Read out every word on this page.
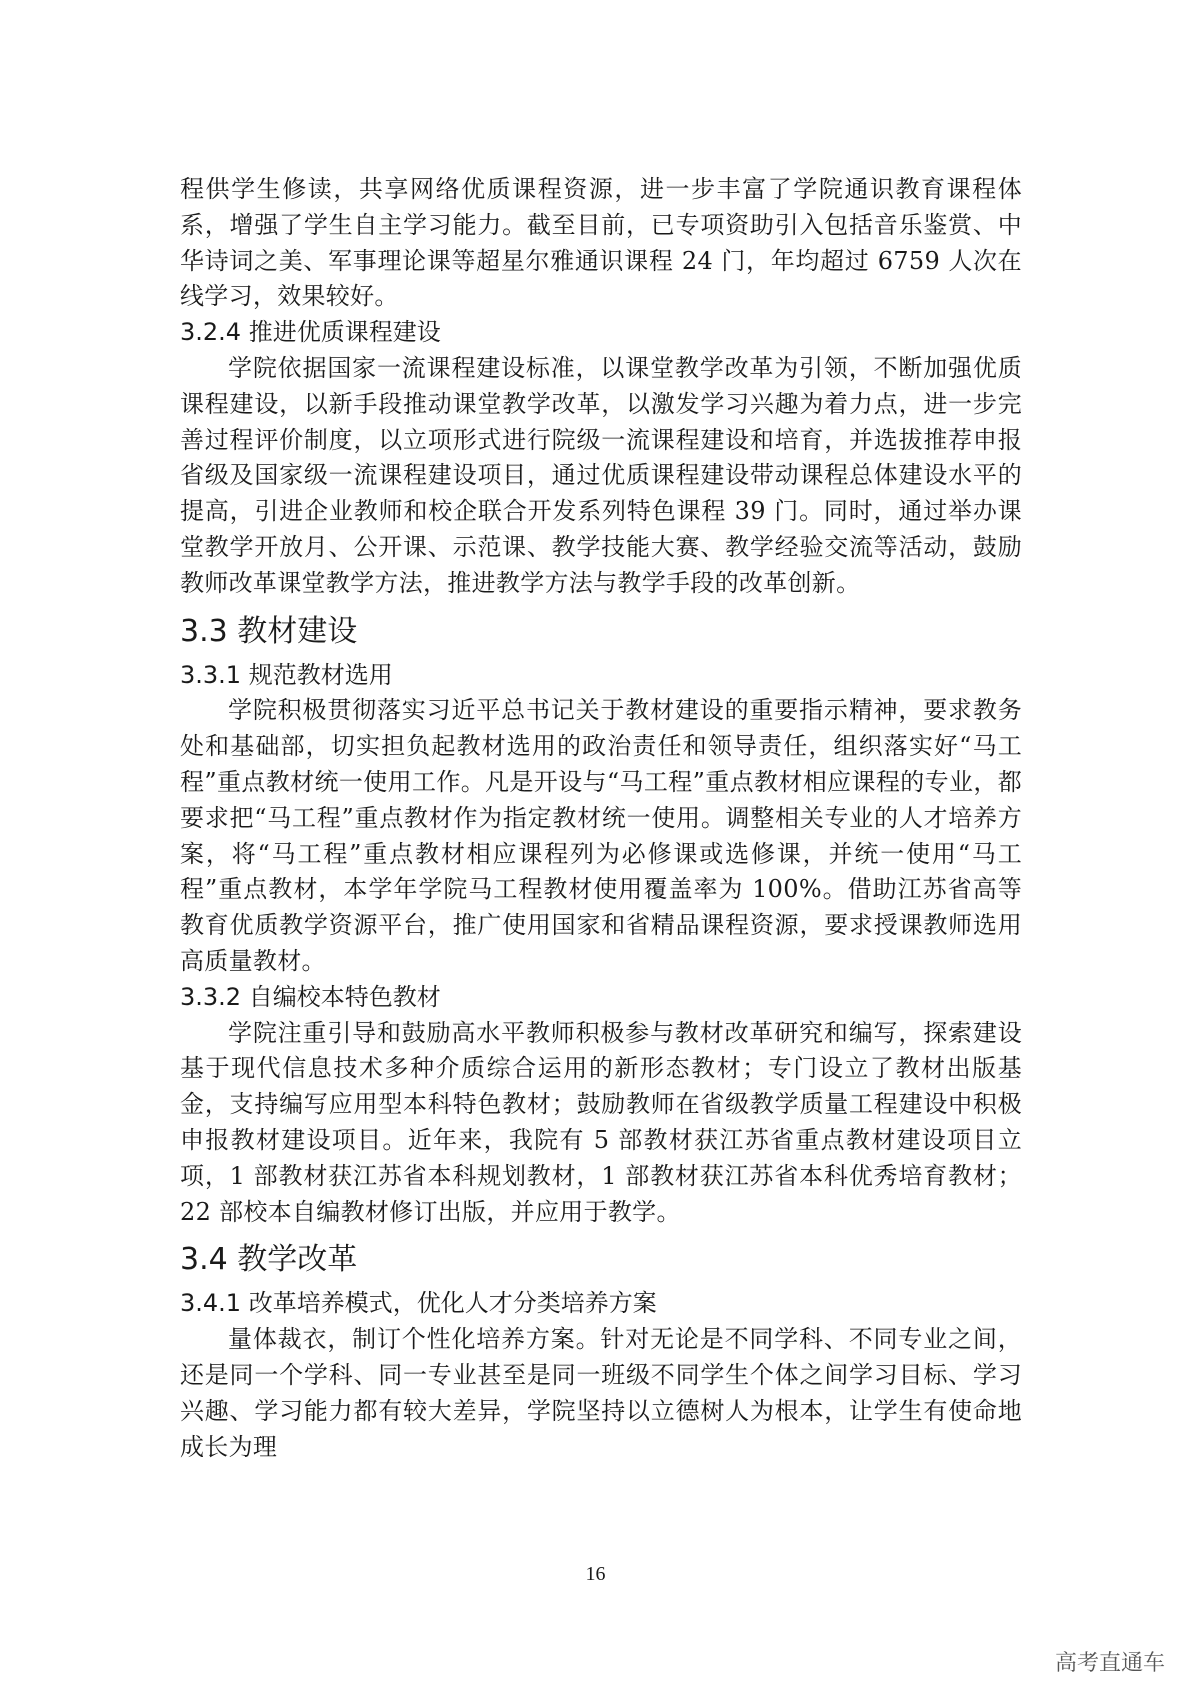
程供学生修读，共享网络优质课程资源，进一步丰富了学院通识教育课程体系，增强了学生自主学习能力。截至目前，已专项资助引入包括音乐鉴赏、中华诗词之美、军事理论课等超星尔雅通识课程 24 门，年均超过 6759 人次在线学习，效果较好。

3.2.4 推进优质课程建设

学院依据国家一流课程建设标准，以课堂教学改革为引领，不断加强优质课程建设，以新手段推动课堂教学改革，以激发学习兴趣为着力点，进一步完善过程评价制度，以立项形式进行院级一流课程建设和培育，并选拔推荐申报省级及国家级一流课程建设项目，通过优质课程建设带动课程总体建设水平的提高，引进企业教师和校企联合开发系列特色课程 39 门。同时，通过举办课堂教学开放月、公开课、示范课、教学技能大赛、教学经验交流等活动，鼓励教师改革课堂教学方法，推进教学方法与教学手段的改革创新。

3.3 教材建设
3.3.1 规范教材选用

学院积极贯彻落实习近平总书记关于教材建设的重要指示精神，要求教务处和基础部，切实担负起教材选用的政治责任和领导责任，组织落实好“马工程”重点教材统一使用工作。凡是开设与“马工程”重点教材相应课程的专业，都要求把“马工程”重点教材作为指定教材统一使用。调整相关专业的人才培养方案，将“马工程”重点教材相应课程列为必修课或选修课，并统一使用“马工程”重点教材，本学年学院马工程教材使用覆盖率为 100%。借助江苏省高等教育优质教学资源平台，推广使用国家和省精品课程资源，要求授课教师选用高质量教材。

3.3.2 自编校本特色教材

学院注重引导和鼓励高水平教师积极参与教材改革研究和编写，探索建设基于现代信息技术多种介质综合运用的新形态教材；专门设立了教材出版基金，支持编写应用型本科特色教材；鼓励教师在省级教学质量工程建设中积极申报教材建设项目。近年来，我院有 5 部教材获江苏省重点教材建设项目立项，1 部教材获江苏省本科规划教材，1 部教材获江苏省本科优秀培育教材；22 部校本自编教材修订出版，并应用于教学。

3.4 教学改革
3.4.1 改革培养模式，优化人才分类培养方案

量体裁衣，制订个性化培养方案。针对无论是不同学科、不同专业之间，还是同一个学科、同一专业甚至是同一班级不同学生个体之间学习目标、学习兴趣、学习能力都有较大差异，学院坚持以立德树人为根本，让学生有使命地成长为理

16
高考直通车
